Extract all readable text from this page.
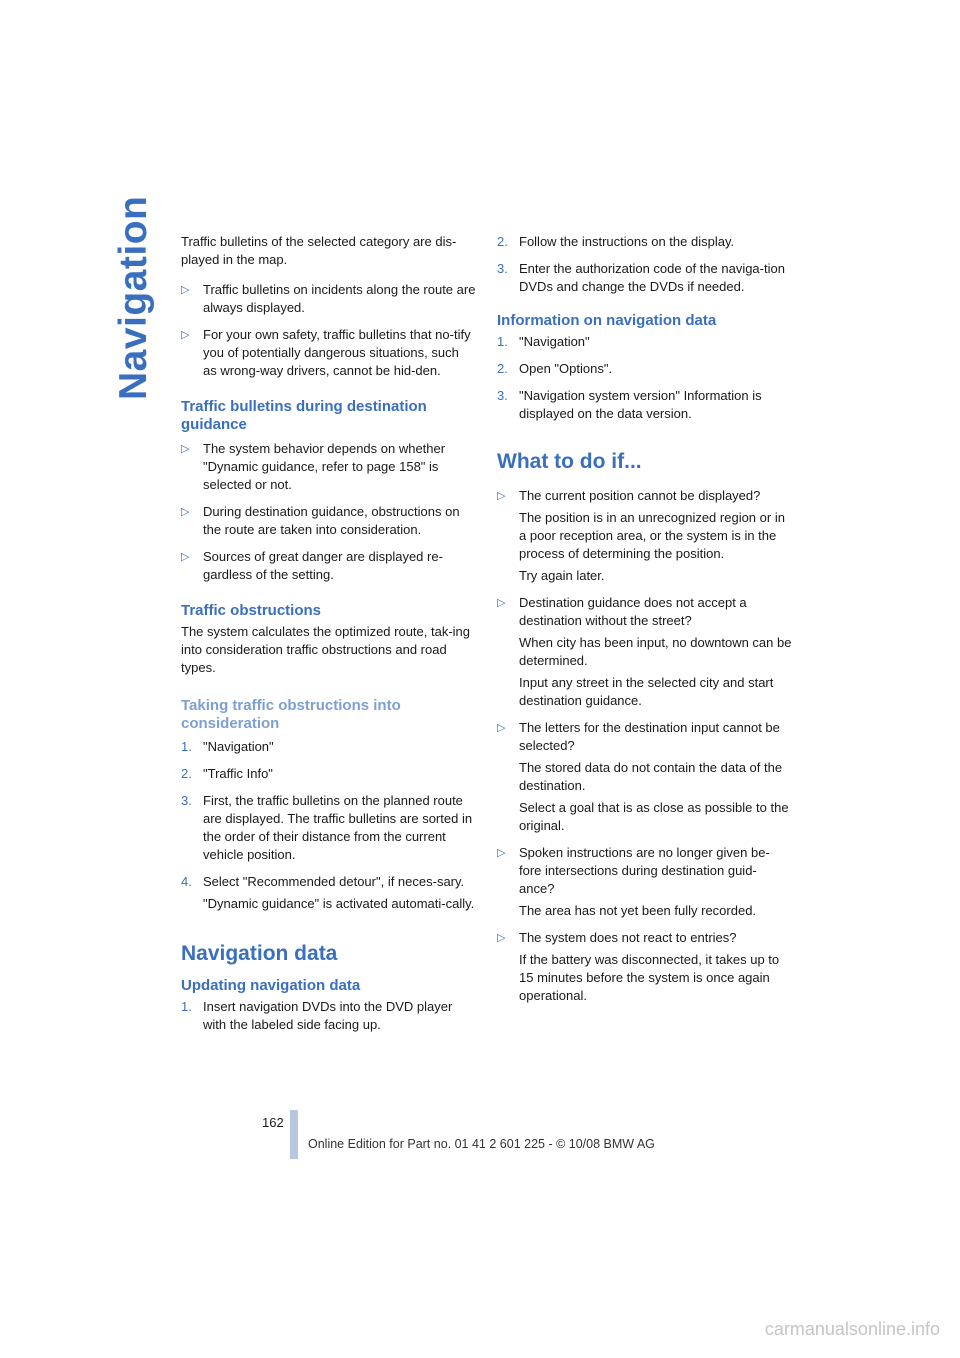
Navigation Traffic bulletins of the selected category are dis-played in the map.

▷ Traffic bulletins on incidents along the route are always displayed.

▷ For your own safety, traffic bulletins that no-tify you of potentially dangerous situations, such as wrong-way drivers, cannot be hid-den.

Traffic bulletins during destination guidance
▷ The system behavior depends on whether "Dynamic guidance, refer to page 158" is selected or not.

▷ During destination guidance, obstructions on the route are taken into consideration.

▷ Sources of great danger are displayed re-gardless of the setting.

Traffic obstructions

The system calculates the optimized route, tak-ing into consideration traffic obstructions and road types.

Taking traffic obstructions into consideration
1. "Navigation"

2. "Traffic Info"

3. First, the traffic bulletins on the planned route are displayed. The traffic bulletins are sorted in the order of their distance from the current vehicle position.

4. Select "Recommended detour", if neces-sary.

"Dynamic guidance" is activated automati-cally.

Navigation data
Updating navigation data
1. Insert navigation DVDs into the DVD player with the labeled side facing up.

2. Follow the instructions on the display.

3. Enter the authorization code of the naviga-tion DVDs and change the DVDs if needed.

Information on navigation data
1. "Navigation"

2. Open "Options".

3. "Navigation system version" Information is displayed on the data version.

What to do if...
▷ The current position cannot be displayed?

The position is in an unrecognized region or in a poor reception area, or the system is in the process of determining the position.

Try again later.

▷ Destination guidance does not accept a destination without the street?

When city has been input, no downtown can be determined.

Input any street in the selected city and start destination guidance.

▷ The letters for the destination input cannot be selected?

The stored data do not contain the data of the destination.

Select a goal that is as close as possible to the original.

▷ Spoken instructions are no longer given be-fore intersections during destination guid-ance?

The area has not yet been fully recorded.

▷ The system does not react to entries?

If the battery was disconnected, it takes up to 15 minutes before the system is once again operational.

162
Online Edition for Part no. 01 41 2 601 225 - © 10/08 BMW AG
carmanualsonline.info
